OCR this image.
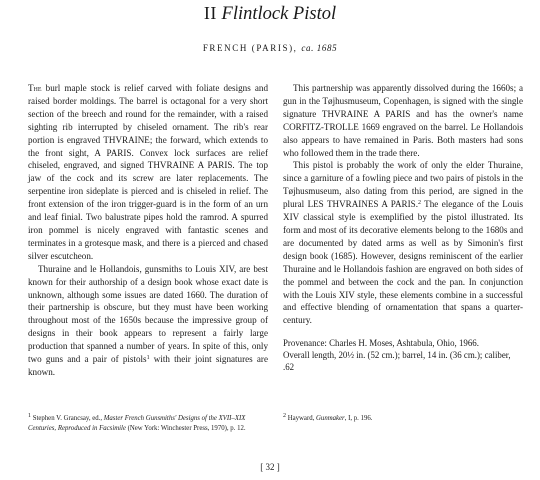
II Flintlock Pistol
FRENCH (PARIS), ca. 1685

The burl maple stock is relief carved with foliate designs and raised border moldings. The barrel is octagonal for a very short section of the breech and round for the remainder, with a raised sighting rib interrupted by chiseled ornament. The rib's rear portion is engraved THVRAINE; the forward, which extends to the front sight, A PARIS. Convex lock surfaces are relief chiseled, engraved, and signed THVRAINE A PARIS. The top jaw of the cock and its screw are later replacements. The serpentine iron sideplate is pierced and is chiseled in relief. The front extension of the iron trigger-guard is in the form of an urn and leaf finial. Two balustrate pipes hold the ramrod. A spurred iron pommel is nicely engraved with fantastic scenes and terminates in a grotesque mask, and there is a pierced and chased silver escutcheon.

Thuraine and le Hollandois, gunsmiths to Louis XIV, are best known for their authorship of a design book whose exact date is unknown, although some issues are dated 1660. The duration of their partnership is obscure, but they must have been working throughout most of the 1650s because the impressive group of designs in their book appears to represent a fairly large production that spanned a number of years. In spite of this, only two guns and a pair of pistols$^1$ with their joint signatures are known.

This partnership was apparently dissolved during the 1660s; a gun in the Tøjhusmuseum, Copenhagen, is signed with the single signature THVRAINE A PARIS and has the owner's name CORFITZ-TROLLE 1669 engraved on the barrel. Le Hollandois also appears to have remained in Paris. Both masters had sons who followed them in the trade there.

This pistol is probably the work of only the elder Thuraine, since a garniture of a fowling piece and two pairs of pistols in the Tøjhusmuseum, also dating from this period, are signed in the plural LES THVRAINES A PARIS.$^2$ The elegance of the Louis XIV classical style is exemplified by the pistol illustrated. Its form and most of its decorative elements belong to the 1680s and are documented by dated arms as well as by Simonin's first design book (1685). However, designs reminiscent of the earlier Thuraine and le Hollandois fashion are engraved on both sides of the pommel and between the cock and the pan. In conjunction with the Louis XIV style, these elements combine in a successful and effective blending of ornamentation that spans a quarter-century.

Provenance: Charles H. Moses, Ashtabula, Ohio, 1966.
Overall length, 20½ in. (52 cm.); barrel, 14 in. (36 cm.); caliber, .62

$^1$ Stephen V. Grancsay, ed., Master French Gunsmiths' Designs of the XVII–XIX Centuries, Reproduced in Facsimile (New York: Winchester Press, 1970), p. 12.

$^2$ Hayward, Gunmaker, I, p. 196.

[ 32 ]
